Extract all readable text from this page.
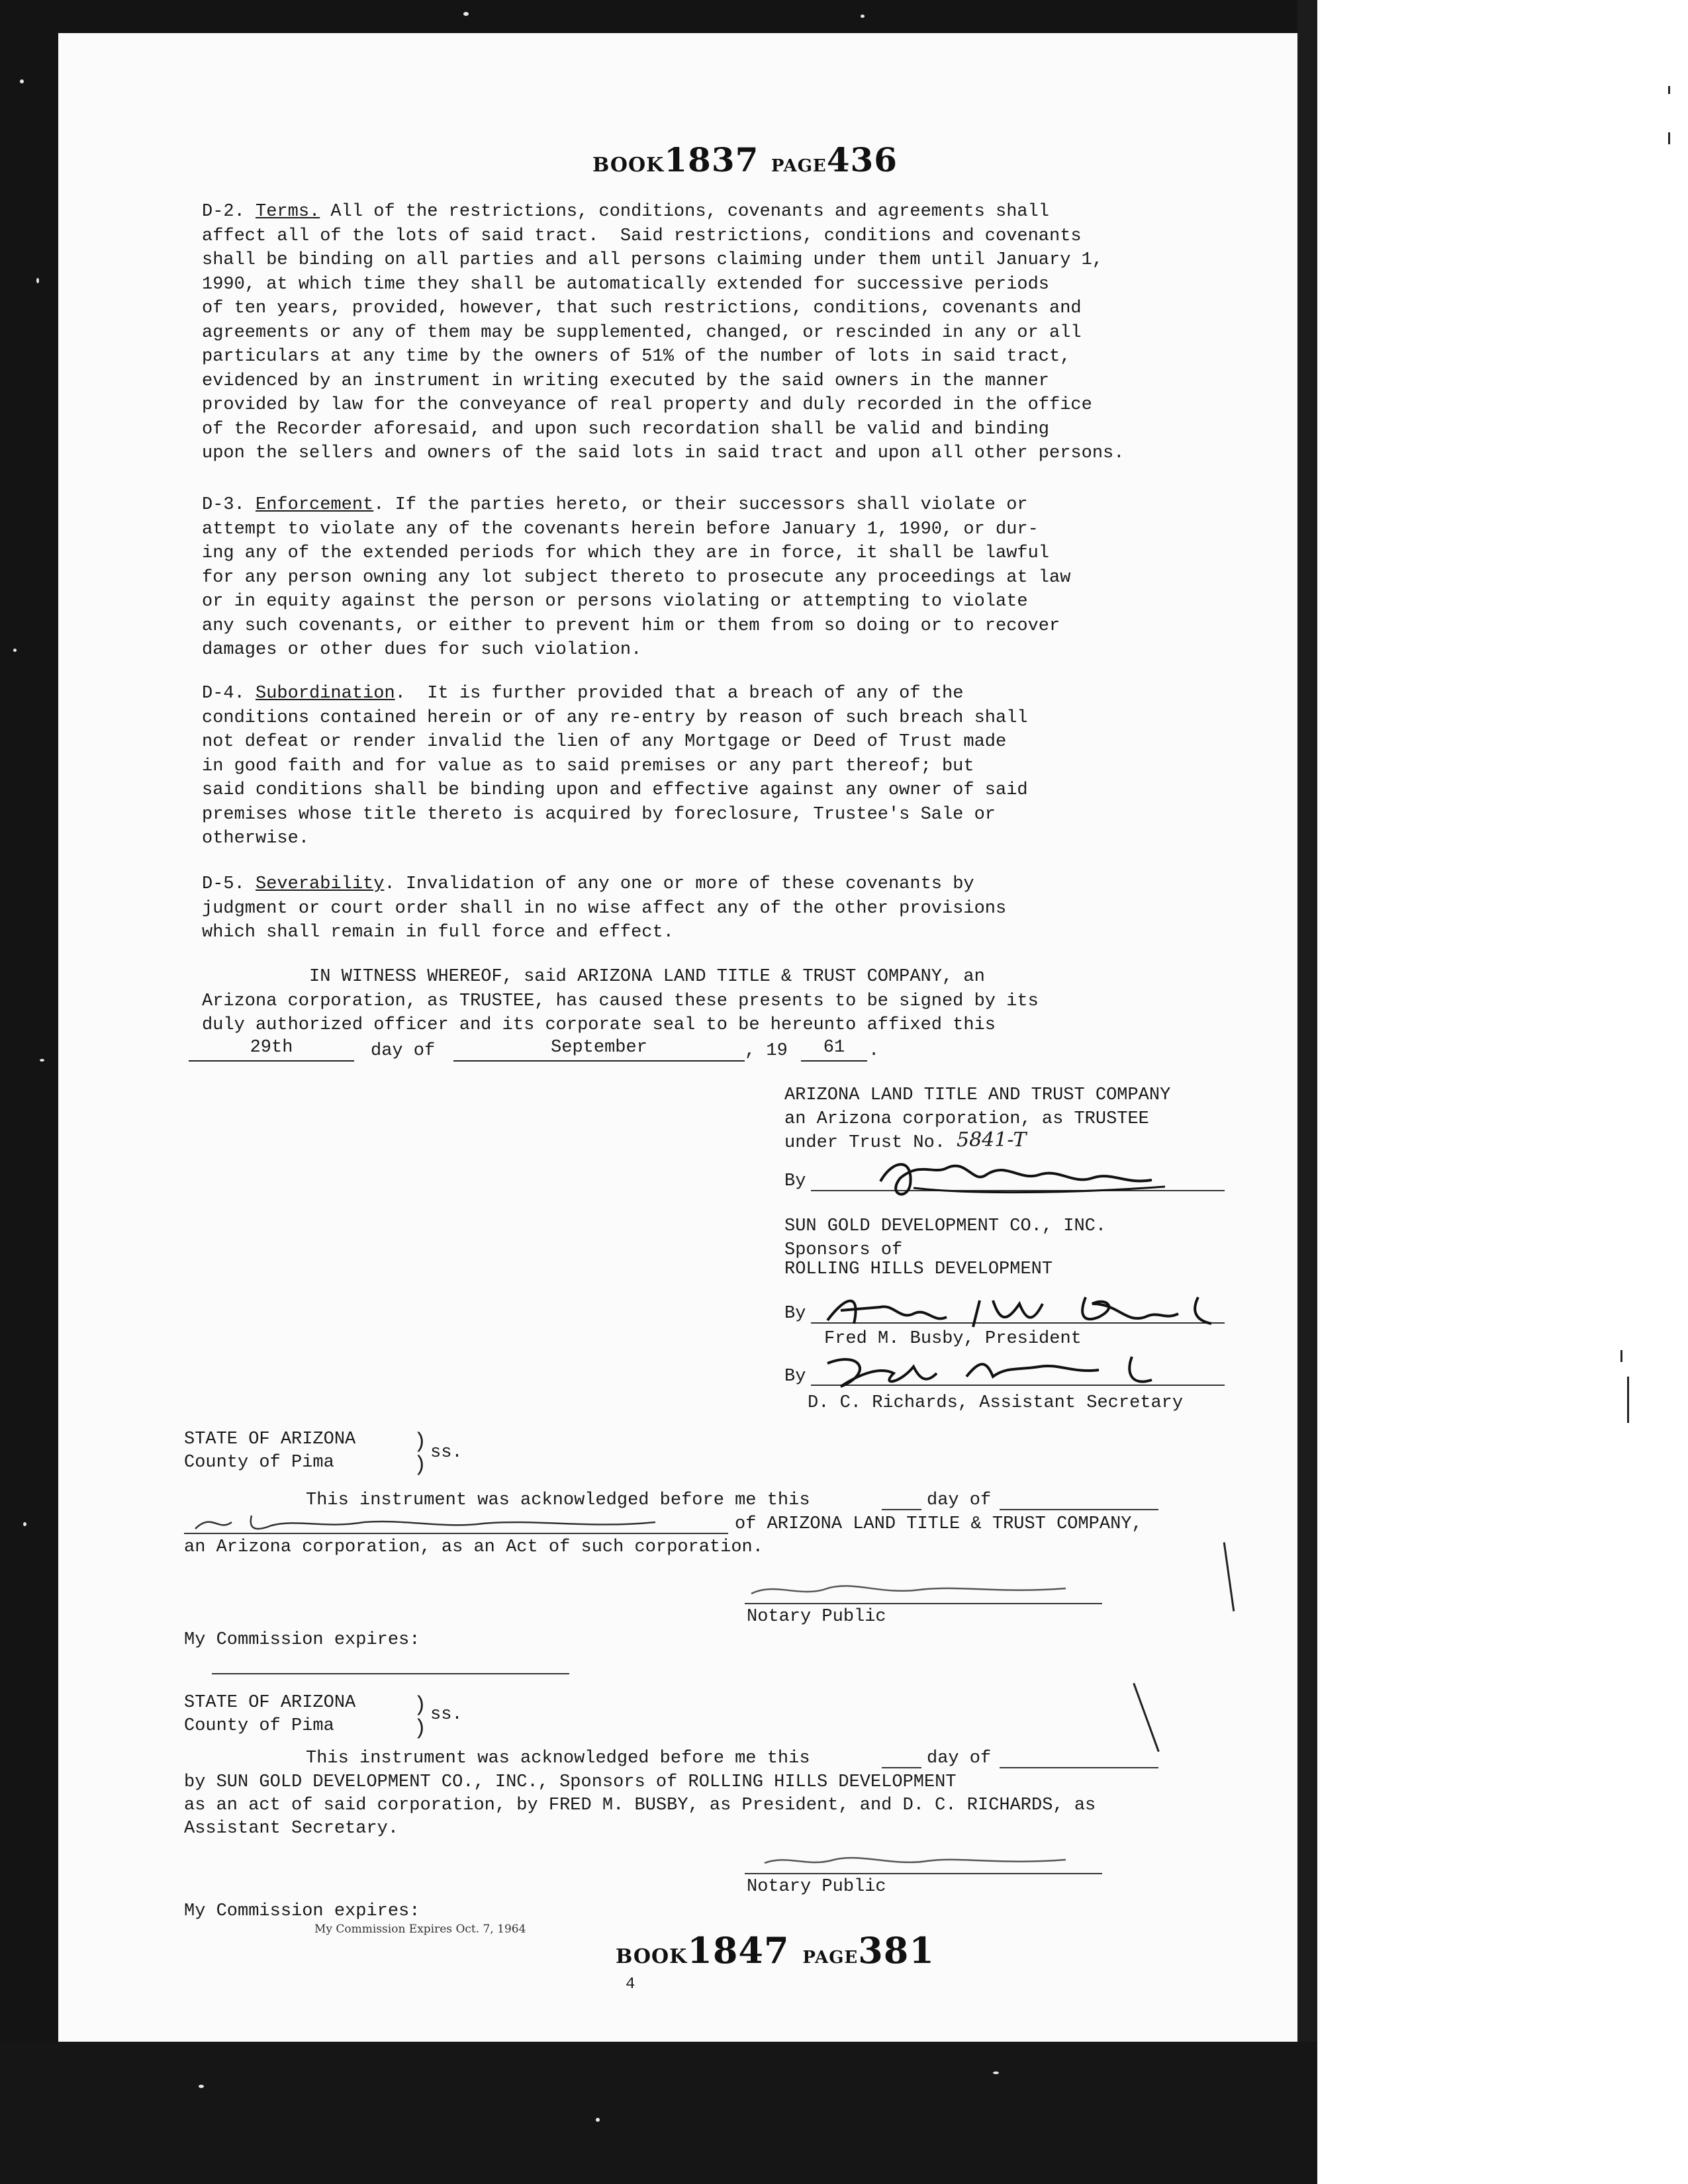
BOOK1837 PAGE436
D-2. Terms. All of the restrictions, conditions, covenants and agreements shall
affect all of the lots of said tract.  Said restrictions, conditions and covenants
shall be binding on all parties and all persons claiming under them until January 1,
1990, at which time they shall be automatically extended for successive periods
of ten years, provided, however, that such restrictions, conditions, covenants and
agreements or any of them may be supplemented, changed, or rescinded in any or all
particulars at any time by the owners of 51% of the number of lots in said tract,
evidenced by an instrument in writing executed by the said owners in the manner
provided by law for the conveyance of real property and duly recorded in the office
of the Recorder aforesaid, and upon such recordation shall be valid and binding
upon the sellers and owners of the said lots in said tract and upon all other persons.
D-3. Enforcement. If the parties hereto, or their successors shall violate or
attempt to violate any of the covenants herein before January 1, 1990, or dur-
ing any of the extended periods for which they are in force, it shall be lawful
for any person owning any lot subject thereto to prosecute any proceedings at law
or in equity against the person or persons violating or attempting to violate
any such covenants, or either to prevent him or them from so doing or to recover
damages or other dues for such violation.
D-4. Subordination.  It is further provided that a breach of any of the
conditions contained herein or of any re-entry by reason of such breach shall
not defeat or render invalid the lien of any Mortgage or Deed of Trust made
in good faith and for value as to said premises or any part thereof; but
said conditions shall be binding upon and effective against any owner of said
premises whose title thereto is acquired by foreclosure, Trustee's Sale or
otherwise.
D-5. Severability. Invalidation of any one or more of these covenants by
judgment or court order shall in no wise affect any of the other provisions
which shall remain in full force and effect.
IN WITNESS WHEREOF, said ARIZONA LAND TITLE & TRUST COMPANY, an
Arizona corporation, as TRUSTEE, has caused these presents to be signed by its
duly authorized officer and its corporate seal to be hereunto affixed this
29th	day of	September	, 19	61	.
ARIZONA LAND TITLE AND TRUST COMPANY
an Arizona corporation, as TRUSTEE
under Trust No. 5841-T
By
SUN GOLD DEVELOPMENT CO., INC.
Sponsors of
ROLLING HILLS DEVELOPMENT
By
Fred M. Busby, President
By
D. C. Richards, Assistant Secretary
STATE OF ARIZONA
County of Pima
)
) ss.
This instrument was acknowledged before me this	day of
of ARIZONA LAND TITLE & TRUST COMPANY,
an Arizona corporation, as an Act of such corporation.
Notary Public
My Commission expires:
STATE OF ARIZONA
County of Pima
)
)
ss.
This instrument was acknowledged before me this	day of
by SUN GOLD DEVELOPMENT CO., INC., Sponsors of ROLLING HILLS DEVELOPMENT
as an act of said corporation, by FRED M. BUSBY, as President, and D. C. RICHARDS, as
Assistant Secretary.
Notary Public
My Commission expires:
My Commission Expires Oct. 7, 1964
BOOK1847 PAGE381
4
